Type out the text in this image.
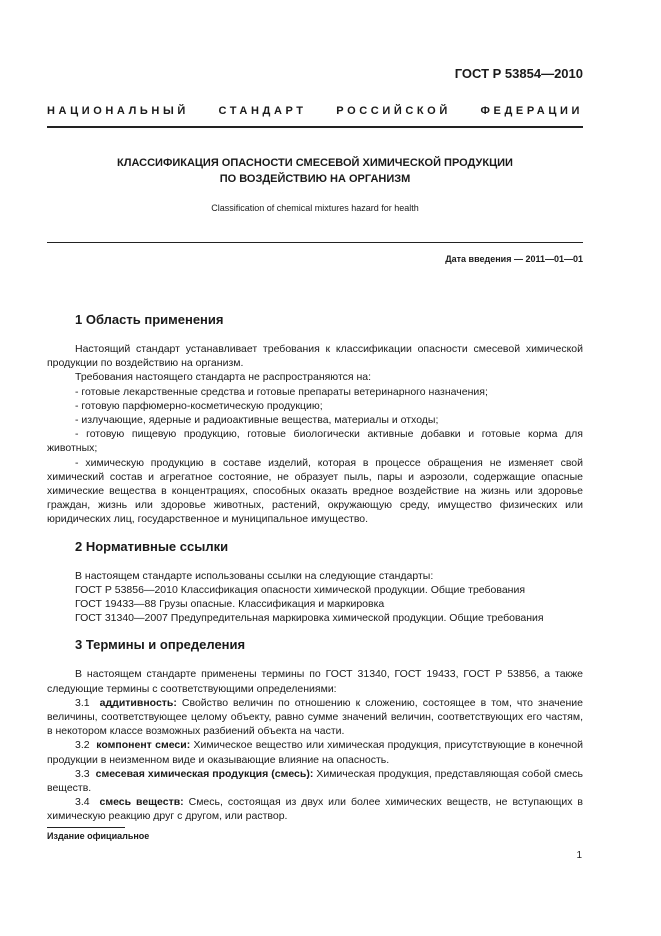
ГОСТ Р 53854—2010
НАЦИОНАЛЬНЫЙ	СТАНДАРТ	РОССИЙСКОЙ	ФЕДЕРАЦИИ
КЛАССИФИКАЦИЯ ОПАСНОСТИ СМЕСЕВОЙ ХИМИЧЕСКОЙ ПРОДУКЦИИ
ПО ВОЗДЕЙСТВИЮ НА ОРГАНИЗМ
Classification of chemical mixtures hazard for health
Дата введения — 2011—01—01
1 Область применения

Настоящий стандарт устанавливает требования к классификации опасности смесевой химической продукции по воздействию на организм.

Требования настоящего стандарта не распространяются на:

- готовые лекарственные средства и готовые препараты ветеринарного назначения;

- готовую парфюмерно-косметическую продукцию;

- излучающие, ядерные и радиоактивные вещества, материалы и отходы;

- готовую пищевую продукцию, готовые биологически активные добавки и готовые корма для животных;

- химическую продукцию в составе изделий, которая в процессе обращения не изменяет свой химический состав и агрегатное состояние, не образует пыль, пары и аэрозоли, содержащие опасные химические вещества в концентрациях, способных оказать вредное воздействие на жизнь или здоровье граждан, жизнь или здоровье животных, растений, окружающую среду, имущество физических или юридических лиц, государственное и муниципальное имущество.

2 Нормативные ссылки

В настоящем стандарте использованы ссылки на следующие стандарты:

ГОСТ Р 53856—2010 Классификация опасности химической продукции. Общие требования

ГОСТ 19433—88 Грузы опасные. Классификация и маркировка

ГОСТ 31340—2007 Предупредительная маркировка химической продукции. Общие требования

3 Термины и определения

В настоящем стандарте применены термины по ГОСТ 31340, ГОСТ 19433, ГОСТ Р 53856, а также следующие термины с соответствующими определениями:

3.1 аддитивность: Свойство величин по отношению к сложению, состоящее в том, что значение величины, соответствующее целому объекту, равно сумме значений величин, соответствующих его частям, в некотором классе возможных разбиений объекта на части.

3.2 компонент смеси: Химическое вещество или химическая продукция, присутствующие в конечной продукции в неизменном виде и оказывающие влияние на опасность.

3.3 смесевая химическая продукция (смесь): Химическая продукция, представляющая собой смесь веществ.

3.4 смесь веществ: Смесь, состоящая из двух или более химических веществ, не вступающих в химическую реакцию друг с другом, или раствор.

Издание официальное
1
